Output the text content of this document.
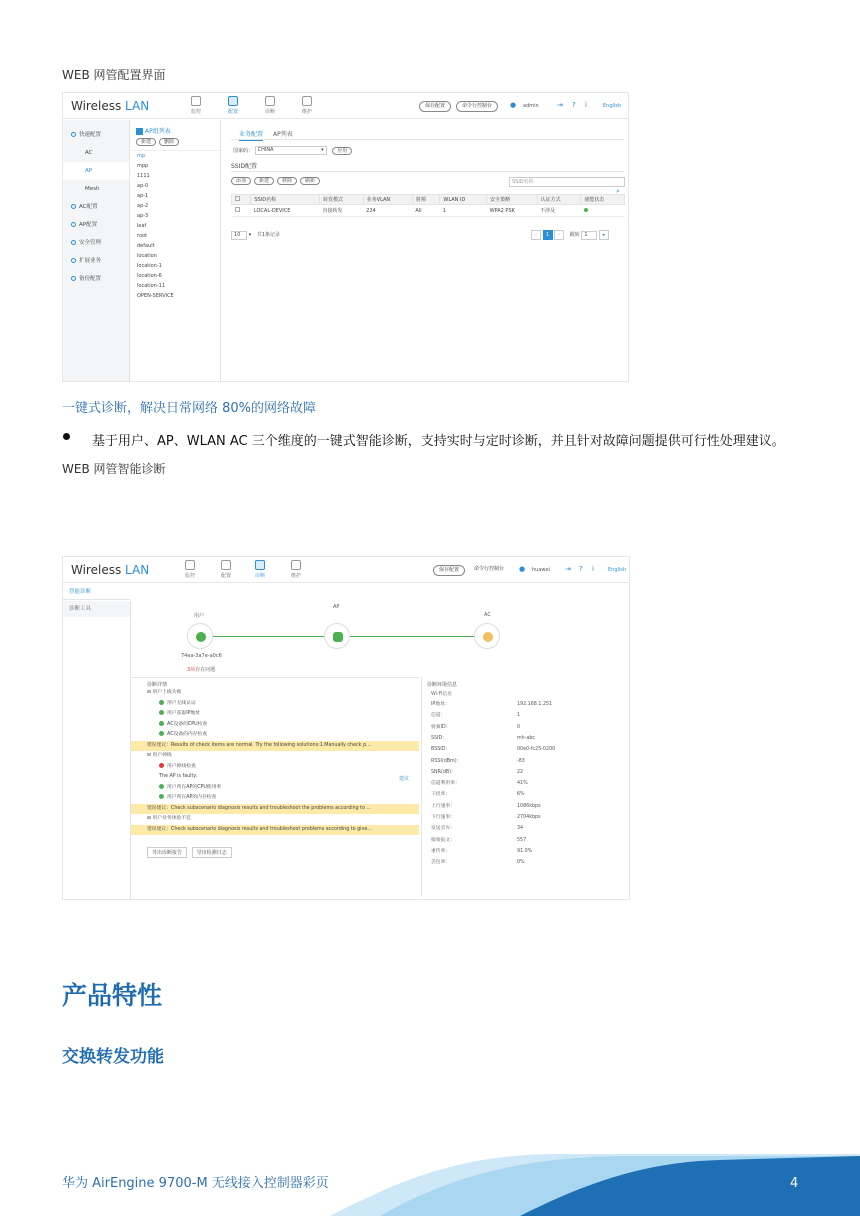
WEB 网管配置界面
Wireless LAN	监控	配置	诊断	维护
保存配置	命令行控制台	● admin	⇥ ?	i	English
快速配置
AC
AP
Mesh
AC配置
AP配置
安全管理
扩展业务
备份配置
AP组列表
新建	删除
mp
mpp
1111
ap-0
ap-1
ap-2
ap-3
leaf
root
default
location
location-1
location-6
location-11
OPEN-SERVICE
业务配置 AP列表
国家码： CHINA	▾	应用
SSID配置
添加	新建	移除	刷新	SSID名称
⌕
	SSID名称	转发模式	业务VLAN	射频	WLAN ID	安全策略	认证方式	使能状态
	LOCAL-DEVICE	直接转发	224	All	1	WPA2 PSK	不涉及	
10 ▾ 共1条记录	‹ 1 › 跳转 1	▸
一键式诊断，解决日常网络 80%的网络故障
基于用户、AP、WLAN AC 三个维度的一键式智能诊断，支持实时与定时诊断，并且针对故障问题提供可行性处理建议。
WEB 网管智能诊断
Wireless LAN	监控	配置	诊断	维护
保存配置	命令行控制台	● huawei ⇥ ?	i	English
智能诊断
诊断工具
用户
AP
AC
74ea-3a7e-a0c6
3项存在问题
诊断详情
⊟ 用户上线失败
用户无线认证
用户获取IP地址
AC设备的CPU检查
AC设备的内存检查
错误建议：Results of check items are normal. Try the following solutions:1.Manually check p...
⊟ 用户掉线
用户掉线检查
The AP is faulty.
用户所在AP的CPU使用率
用户所在AP的内存检查
错误建议：Check subscenario diagnosis results and troubleshoot the problems according to ...
⊟ 用户业务体验不佳
错误建议：Check subscenario diagnosis results and troubleshoot problems according to give...
建议
导出诊断报告	导出检测日志
诊断环境信息
Wi-Fi信息
IP地址：	192.168.1.251
信道：	1
射频ID：	0
SSID：	mh-abc
BSSID：	00e0-fc25-0200
RSSI(dBm)：	-83
SNR(dB)：	22
信道利用率：	41%
干扰率：	6%
上行速率：	1086kbps
下行速率：	2704kbps
发送丢弃：	34
接收报文：	557
重传率：	91.0%
丢包率：	0%
产品特性
交换转发功能
华为 AirEngine 9700-M 无线接入控制器彩页	4
